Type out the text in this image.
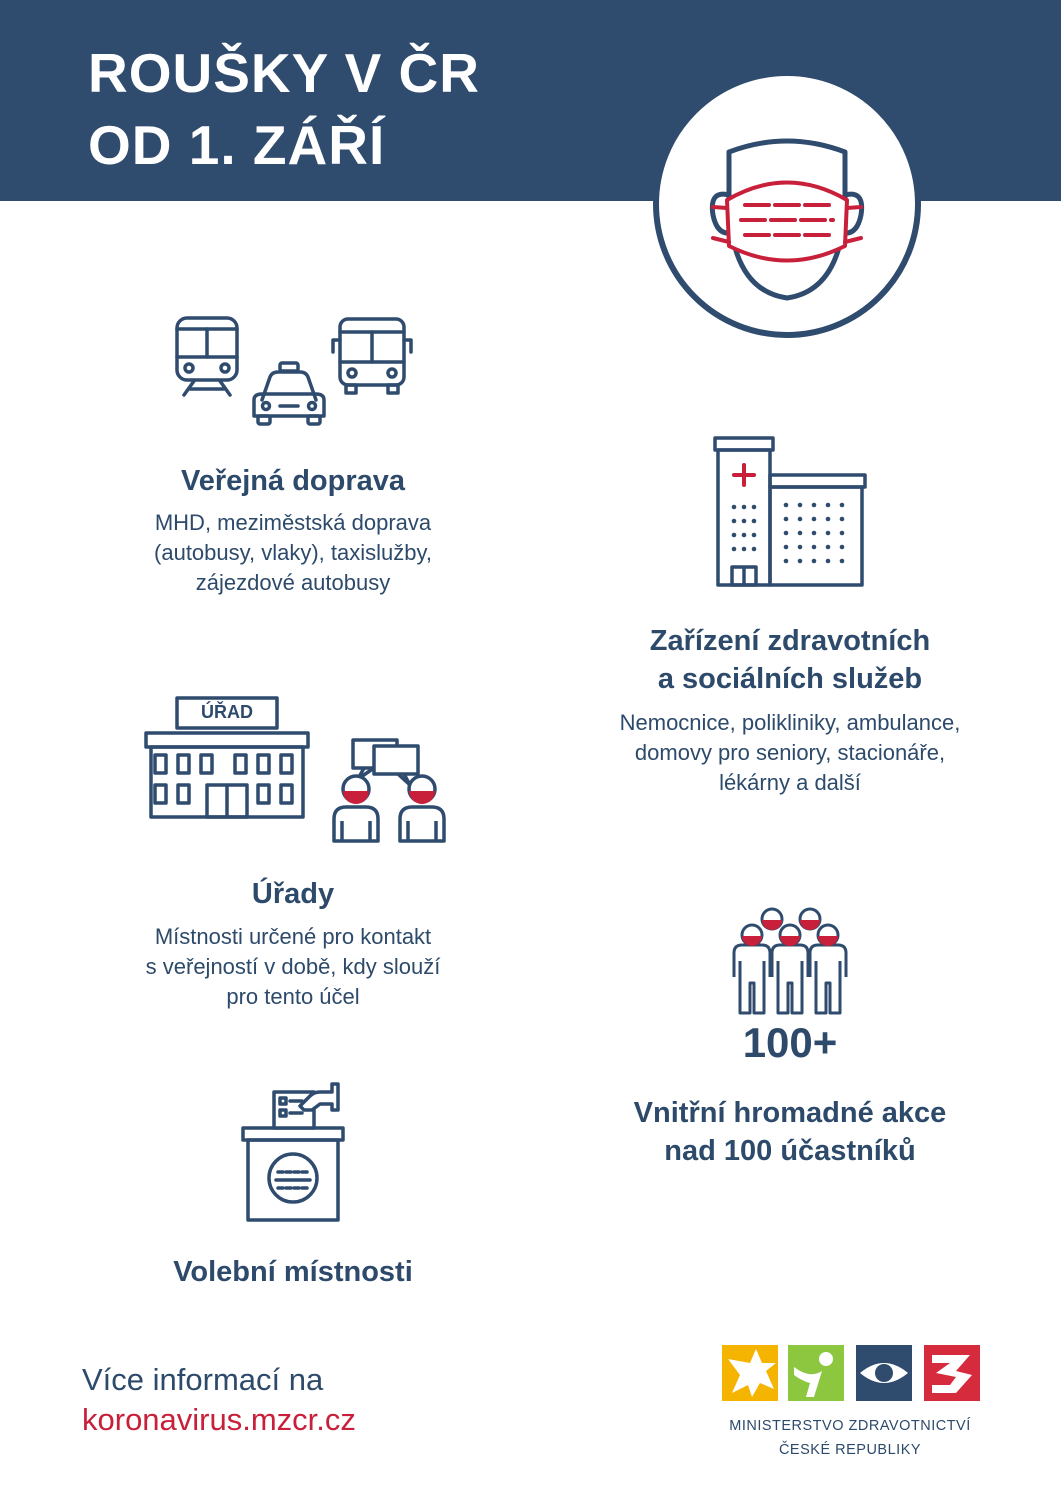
ROUŠKY V ČR
OD 1. ZÁŘÍ
Veřejná doprava
MHD, meziměstská doprava
(autobusy, vlaky), taxislužby,
zájezdové autobusy
Zařízení zdravotních
a sociálních služeb
Nemocnice, polikliniky, ambulance,
domovy pro seniory, stacionáře,
lékárny a další
ÚŘAD
Úřady
Místnosti určené pro kontakt
s veřejností v době, kdy slouží
pro tento účel
100+
Vnitřní hromadné akce
nad 100 účastníků
Volební místnosti
Více informací na
koronavirus.mzcr.cz	MINISTERSTVO ZDRAVOTNICTVÍ
ČESKÉ REPUBLIKY
